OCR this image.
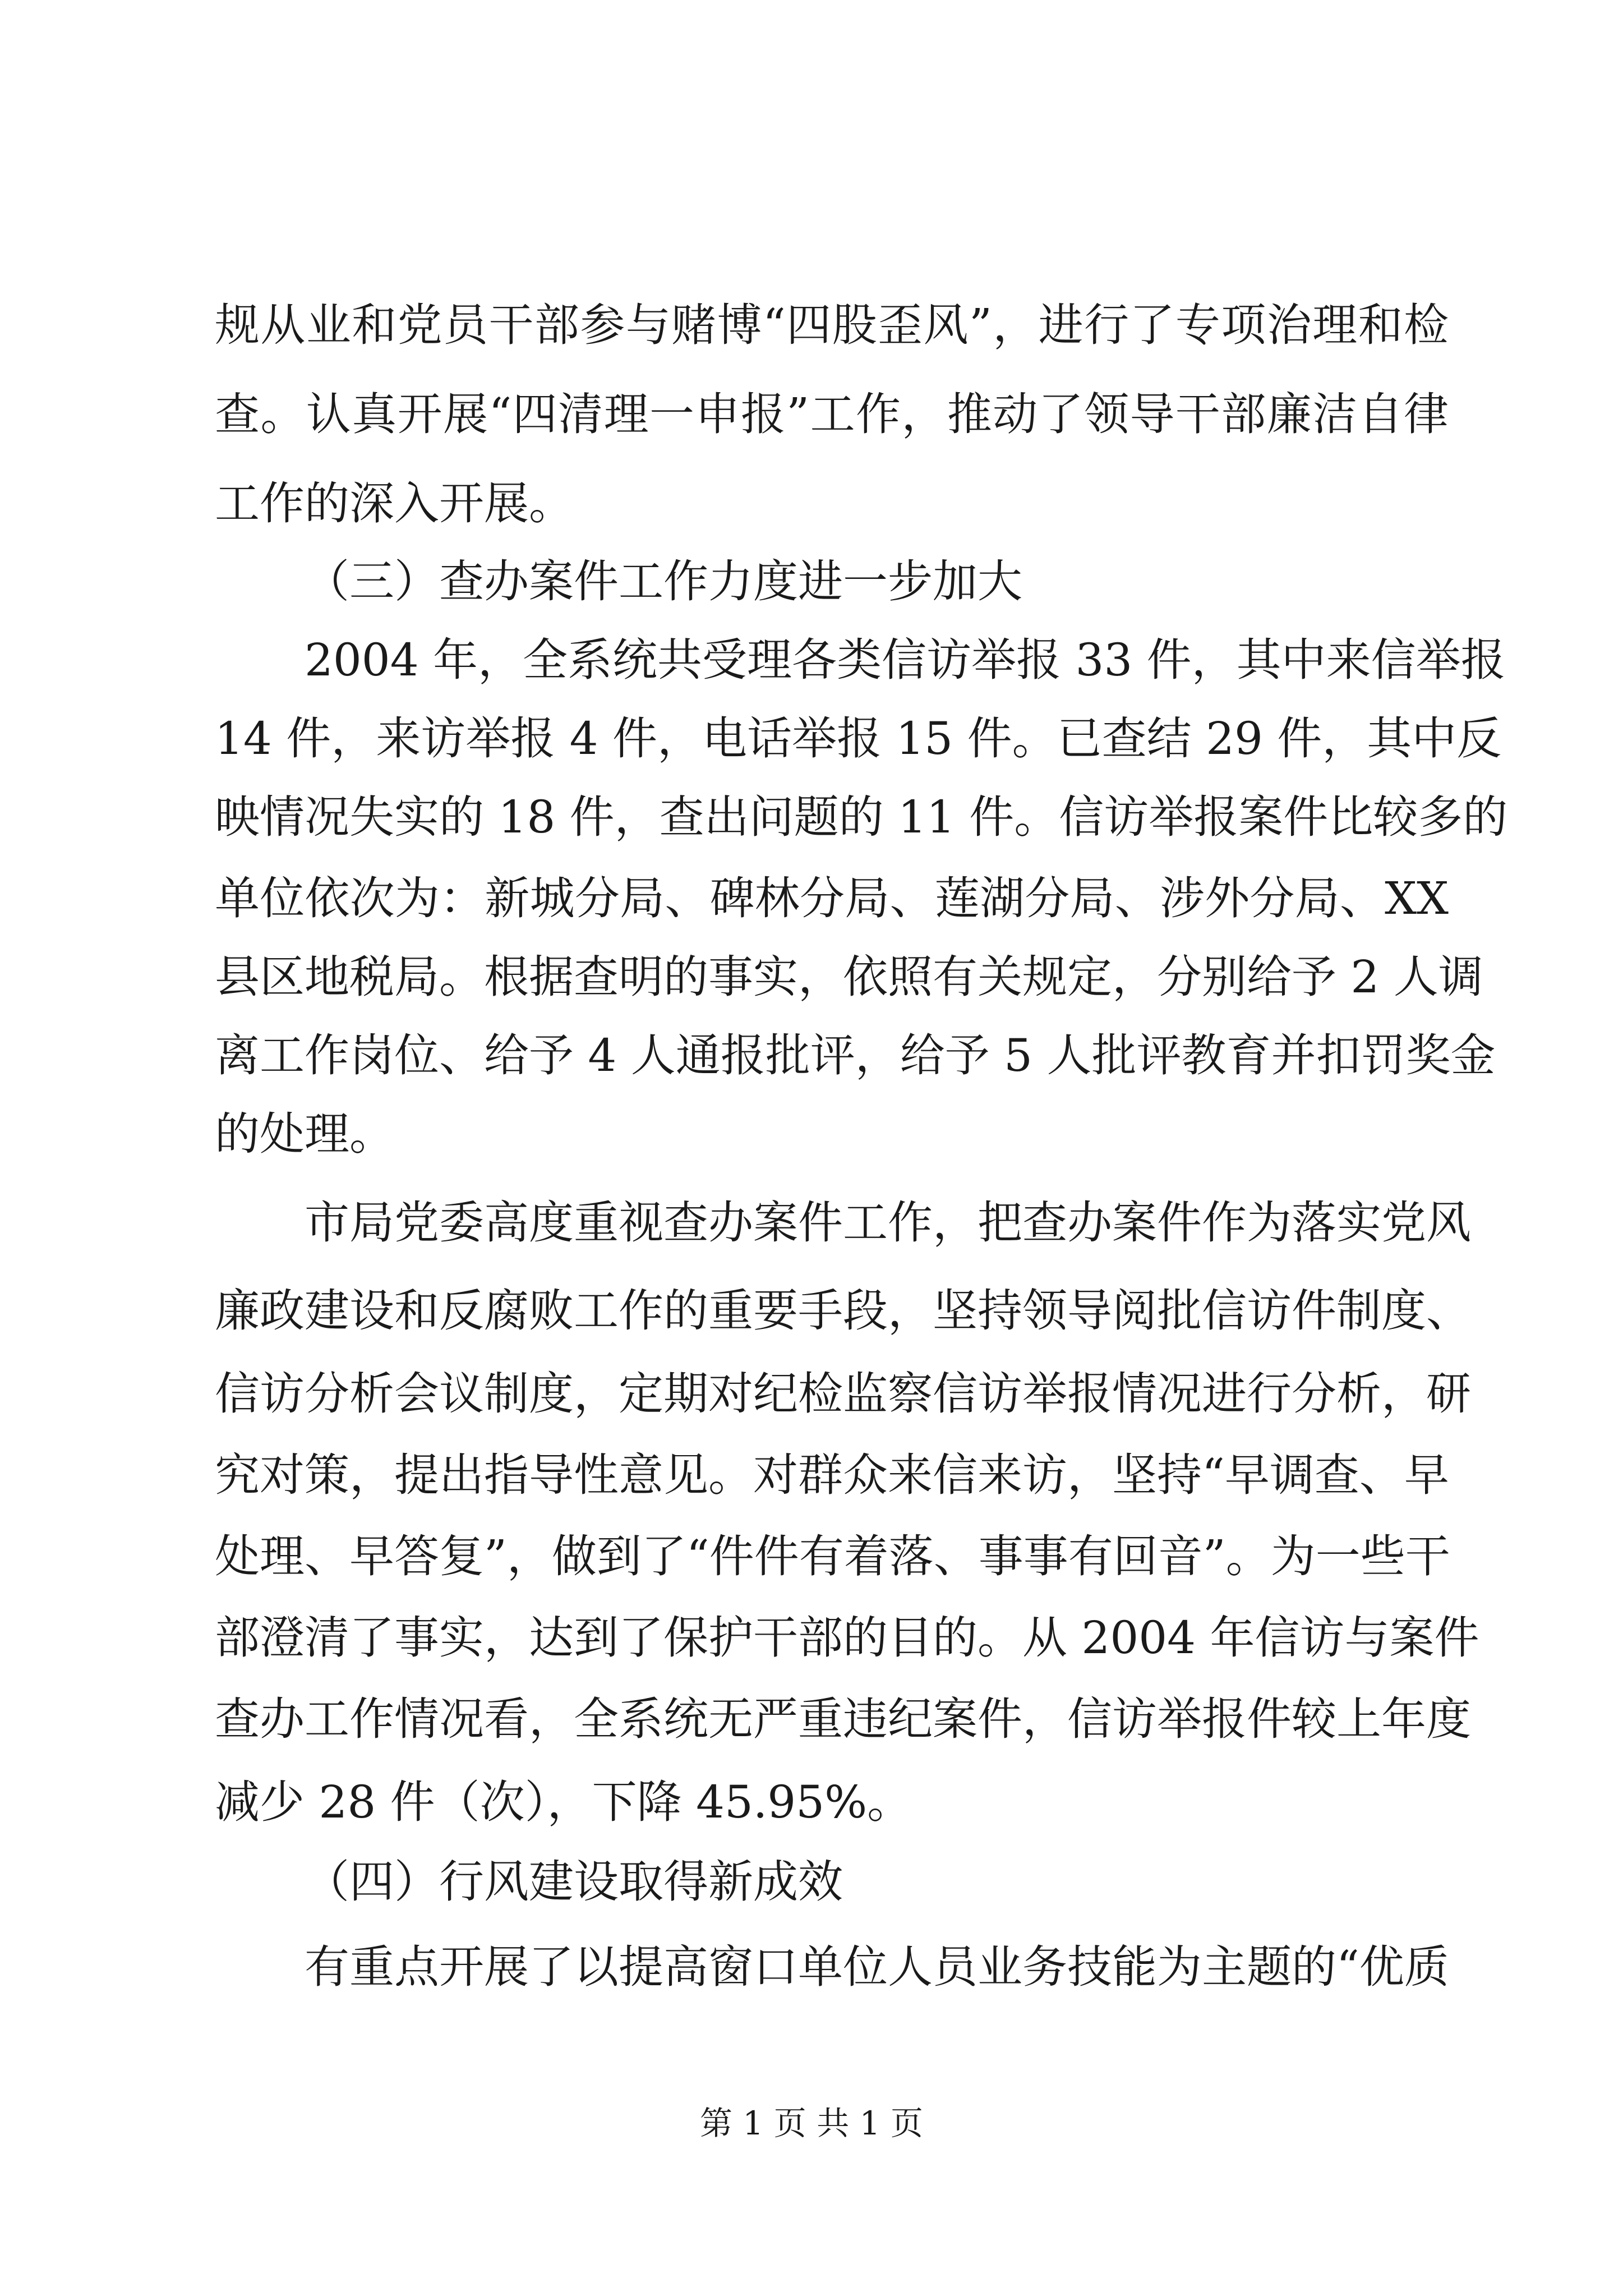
规从业和党员干部参与赌博“四股歪风”，进行了专项治理和检

查。认真开展“四清理一申报”工作，推动了领导干部廉洁自律

工作的深入开展。

（三）查办案件工作力度进一步加大

2004 年，全系统共受理各类信访举报 33 件，其中来信举报

14 件，来访举报 4 件，电话举报 15 件。已查结 29 件，其中反

映情况失实的 18 件，查出问题的 11 件。信访举报案件比较多的

单位依次为：新城分局、碑林分局、莲湖分局、涉外分局、XX

县区地税局。根据查明的事实，依照有关规定，分别给予 2 人调

离工作岗位、给予 4 人通报批评，给予 5 人批评教育并扣罚奖金

的处理。

市局党委高度重视查办案件工作，把查办案件作为落实党风

廉政建设和反腐败工作的重要手段，坚持领导阅批信访件制度、

信访分析会议制度，定期对纪检监察信访举报情况进行分析，研

究对策，提出指导性意见。对群众来信来访，坚持“早调查、早

处理、早答复”，做到了“件件有着落、事事有回音”。为一些干

部澄清了事实，达到了保护干部的目的。从 2004 年信访与案件

查办工作情况看，全系统无严重违纪案件，信访举报件较上年度

减少 28 件（次），下降 45.95%。

（四）行风建设取得新成效

有重点开展了以提高窗口单位人员业务技能为主题的“优质

第 1 页 共 1 页
